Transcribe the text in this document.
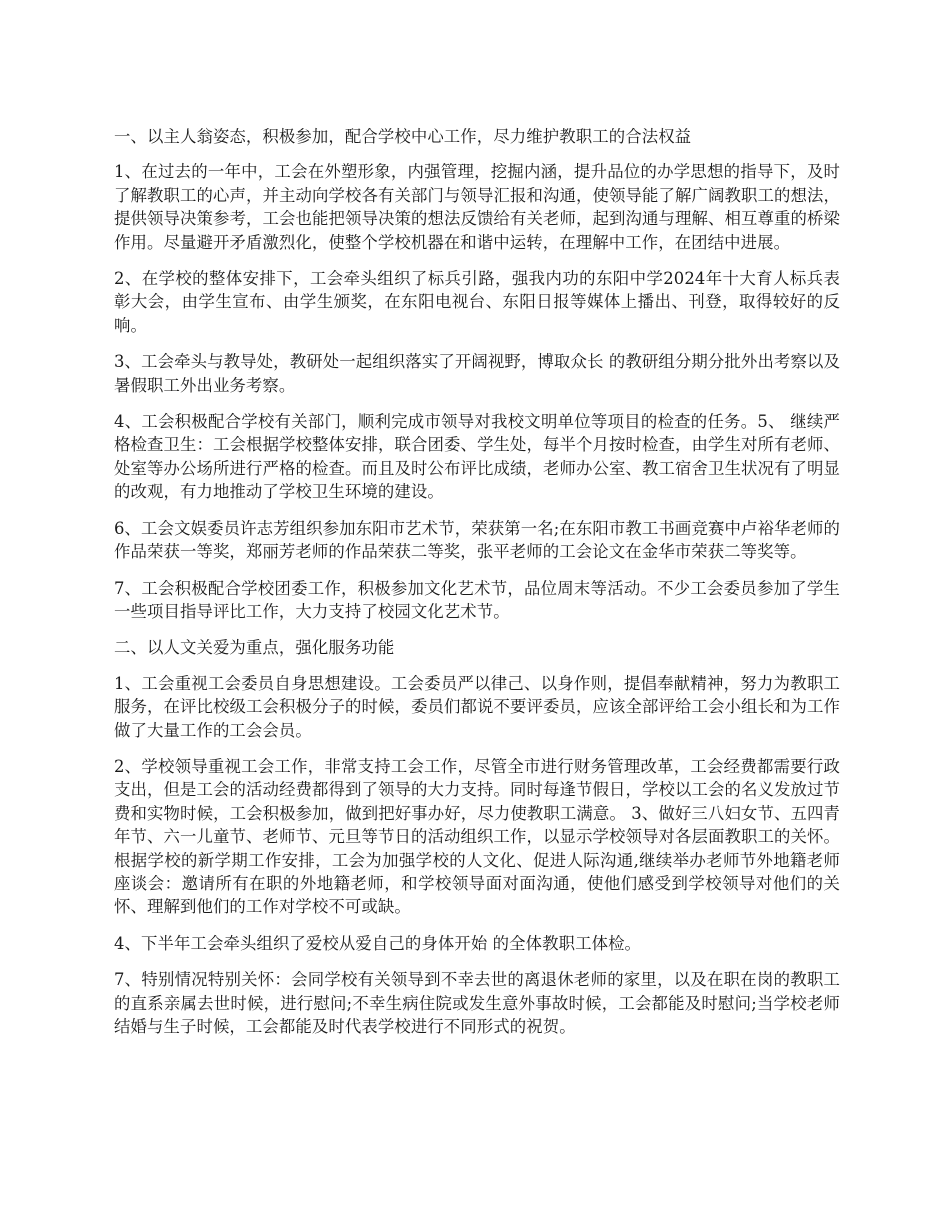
一、以主人翁姿态，积极参加，配合学校中心工作，尽力维护教职工的合法权益

1、在过去的一年中，工会在外塑形象，内强管理，挖掘内涵，提升品位的办学思想的指导下，及时了解教职工的心声，并主动向学校各有关部门与领导汇报和沟通，使领导能了解广阔教职工的想法，提供领导决策参考，工会也能把领导决策的想法反馈给有关老师，起到沟通与理解、相互尊重的桥梁作用。尽量避开矛盾激烈化，使整个学校机器在和谐中运转，在理解中工作，在团结中进展。

2、在学校的整体安排下，工会牵头组织了标兵引路，强我内功的东阳中学2024年十大育人标兵表彰大会，由学生宣布、由学生颁奖，在东阳电视台、东阳日报等媒体上播出、刊登，取得较好的反响。

3、工会牵头与教导处，教研处一起组织落实了开阔视野，博取众长 的教研组分期分批外出考察以及暑假职工外出业务考察。

4、工会积极配合学校有关部门，顺利完成市领导对我校文明单位等项目的检查的任务。5、 继续严格检查卫生：工会根据学校整体安排，联合团委、学生处，每半个月按时检查，由学生对所有老师、处室等办公场所进行严格的检查。而且及时公布评比成绩，老师办公室、教工宿舍卫生状况有了明显的改观，有力地推动了学校卫生环境的建设。

6、工会文娱委员许志芳组织参加东阳市艺术节，荣获第一名;在东阳市教工书画竞赛中卢裕华老师的作品荣获一等奖，郑丽芳老师的作品荣获二等奖，张平老师的工会论文在金华市荣获二等奖等。

7、工会积极配合学校团委工作，积极参加文化艺术节，品位周末等活动。不少工会委员参加了学生一些项目指导评比工作，大力支持了校园文化艺术节。

二、以人文关爱为重点，强化服务功能

1、工会重视工会委员自身思想建设。工会委员严以律己、以身作则，提倡奉献精神，努力为教职工服务，在评比校级工会积极分子的时候，委员们都说不要评委员，应该全部评给工会小组长和为工作做了大量工作的工会会员。

2、学校领导重视工会工作，非常支持工会工作，尽管全市进行财务管理改革，工会经费都需要行政支出，但是工会的活动经费都得到了领导的大力支持。同时每逢节假日，学校以工会的名义发放过节费和实物时候，工会积极参加，做到把好事办好，尽力使教职工满意。 3、做好三八妇女节、五四青年节、六一儿童节、老师节、元旦等节日的活动组织工作，以显示学校领导对各层面教职工的关怀。根据学校的新学期工作安排，工会为加强学校的人文化、促进人际沟通,继续举办老师节外地籍老师座谈会：邀请所有在职的外地籍老师，和学校领导面对面沟通，使他们感受到学校领导对他们的关怀、理解到他们的工作对学校不可或缺。

4、下半年工会牵头组织了爱校从爱自己的身体开始 的全体教职工体检。

7、特别情况特别关怀：会同学校有关领导到不幸去世的离退休老师的家里，以及在职在岗的教职工的直系亲属去世时候，进行慰问;不幸生病住院或发生意外事故时候，工会都能及时慰问;当学校老师结婚与生子时候，工会都能及时代表学校进行不同形式的祝贺。
